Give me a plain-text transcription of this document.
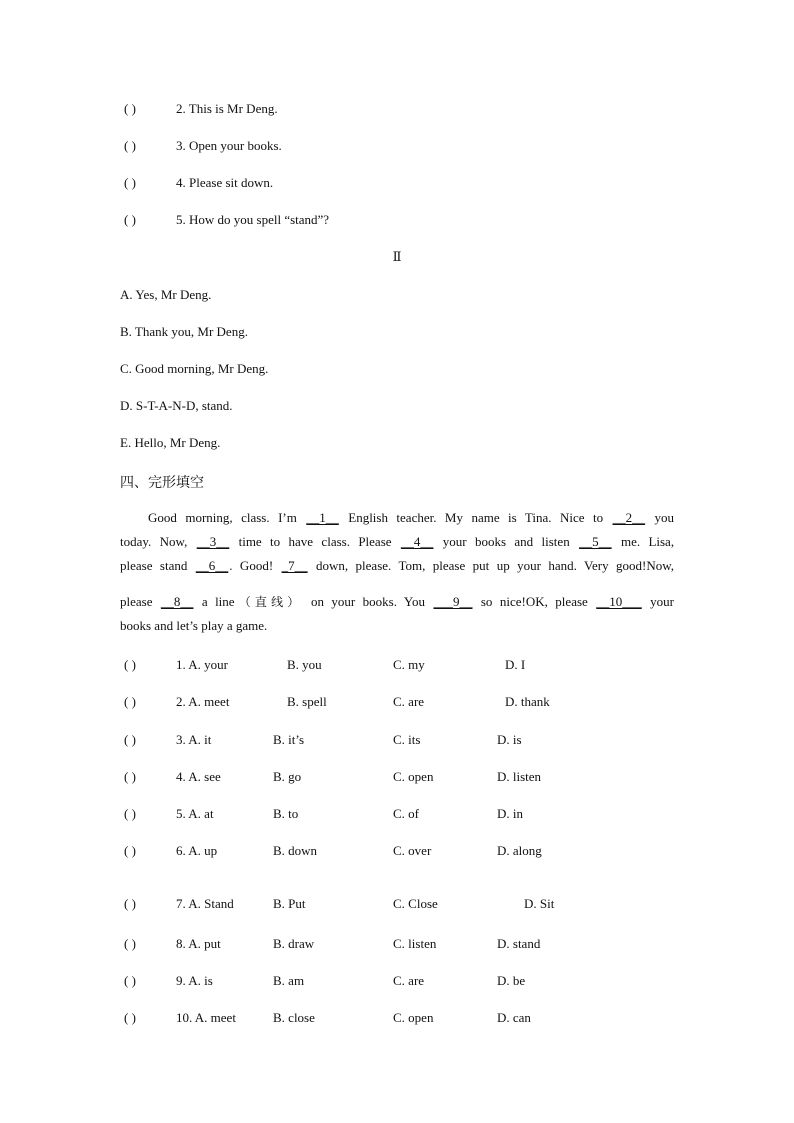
( )	2. This is Mr Deng.
( )	3. Open your books.
( )	4. Please sit down.
( )	5. How do you spell “stand”?
Ⅱ
A. Yes, Mr Deng.
B. Thank you, Mr Deng.
C. Good morning, Mr Deng.
D. S-T-A-N-D, stand.
E. Hello, Mr Deng.
四、完形填空
Good morning, class. I’m __1__ English teacher. My name is Tina. Nice to __2__ you
today. Now, __3__ time to have class. Please __4__ your books and listen __5__ me. Lisa,
please stand __6__. Good! _7__ down, please. Tom, please put up your hand. Very good!Now,
please __8__ a line（直线） on your books. You ___9__ so nice!OK, please __10___ your
books and let’s play a game.
( )	1. A. your	B. you	C. my	D. I
( )	2. A. meet	B. spell	C. are	D. thank
( )	3. A. it	B. it’s	C. its	D. is
( )	4. A. see	B. go	C. open	D. listen
( )	5. A. at	B. to	C. of	D. in
( )	6. A. up	B. down	C. over	D. along
( )	7. A. Stand	B. Put	C. Close	D. Sit
( )	8. A. put	B. draw	C. listen	D. stand
( )	9. A. is	B. am	C. are	D. be
( )	10. A. meet	B. close	C. open	D. can
